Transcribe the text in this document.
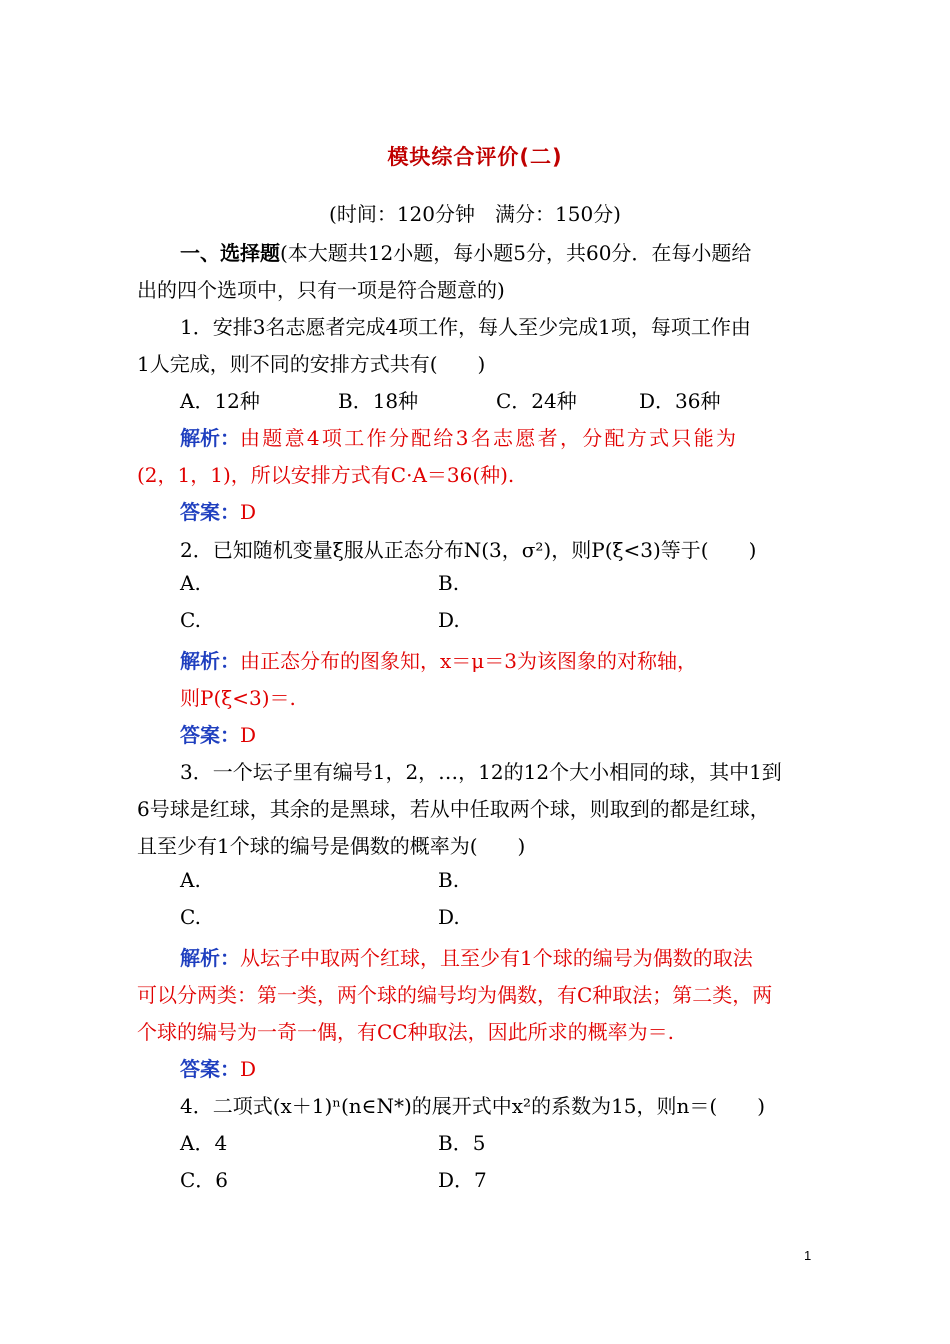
模块综合评价(二)
(时间：120分钟　满分：150分)
一、选择题(本大题共12小题，每小题5分，共60分．在每小题给
出的四个选项中，只有一项是符合题意的)
1．安排3名志愿者完成4项工作，每人至少完成1项，每项工作由
1人完成，则不同的安排方式共有(　　)
A．12种	B．18种	C．24种	D．36种
解析：由题意4项工作分配给3名志愿者，分配方式只能为
(2，1，1)，所以安排方式有C·A＝36(种).
答案：D
2．已知随机变量ξ服从正态分布N(3，σ²)，则P(ξ<3)等于(　　)
A.	B.
C.	D.
解析：由正态分布的图象知，x＝μ＝3为该图象的对称轴，
则P(ξ<3)＝.
答案：D
3．一个坛子里有编号1，2，…，12的12个大小相同的球，其中1到
6号球是红球，其余的是黑球，若从中任取两个球，则取到的都是红球，
且至少有1个球的编号是偶数的概率为(　　)
A.	B.
C.	D.
解析：从坛子中取两个红球，且至少有1个球的编号为偶数的取法
可以分两类：第一类，两个球的编号均为偶数，有C种取法；第二类，两
个球的编号为一奇一偶，有CC种取法，因此所求的概率为＝.
答案：D
4．二项式(x＋1)ⁿ(n∈N*)的展开式中x²的系数为15，则n＝(　　)
A．4	B．5
C．6	D．7
1
